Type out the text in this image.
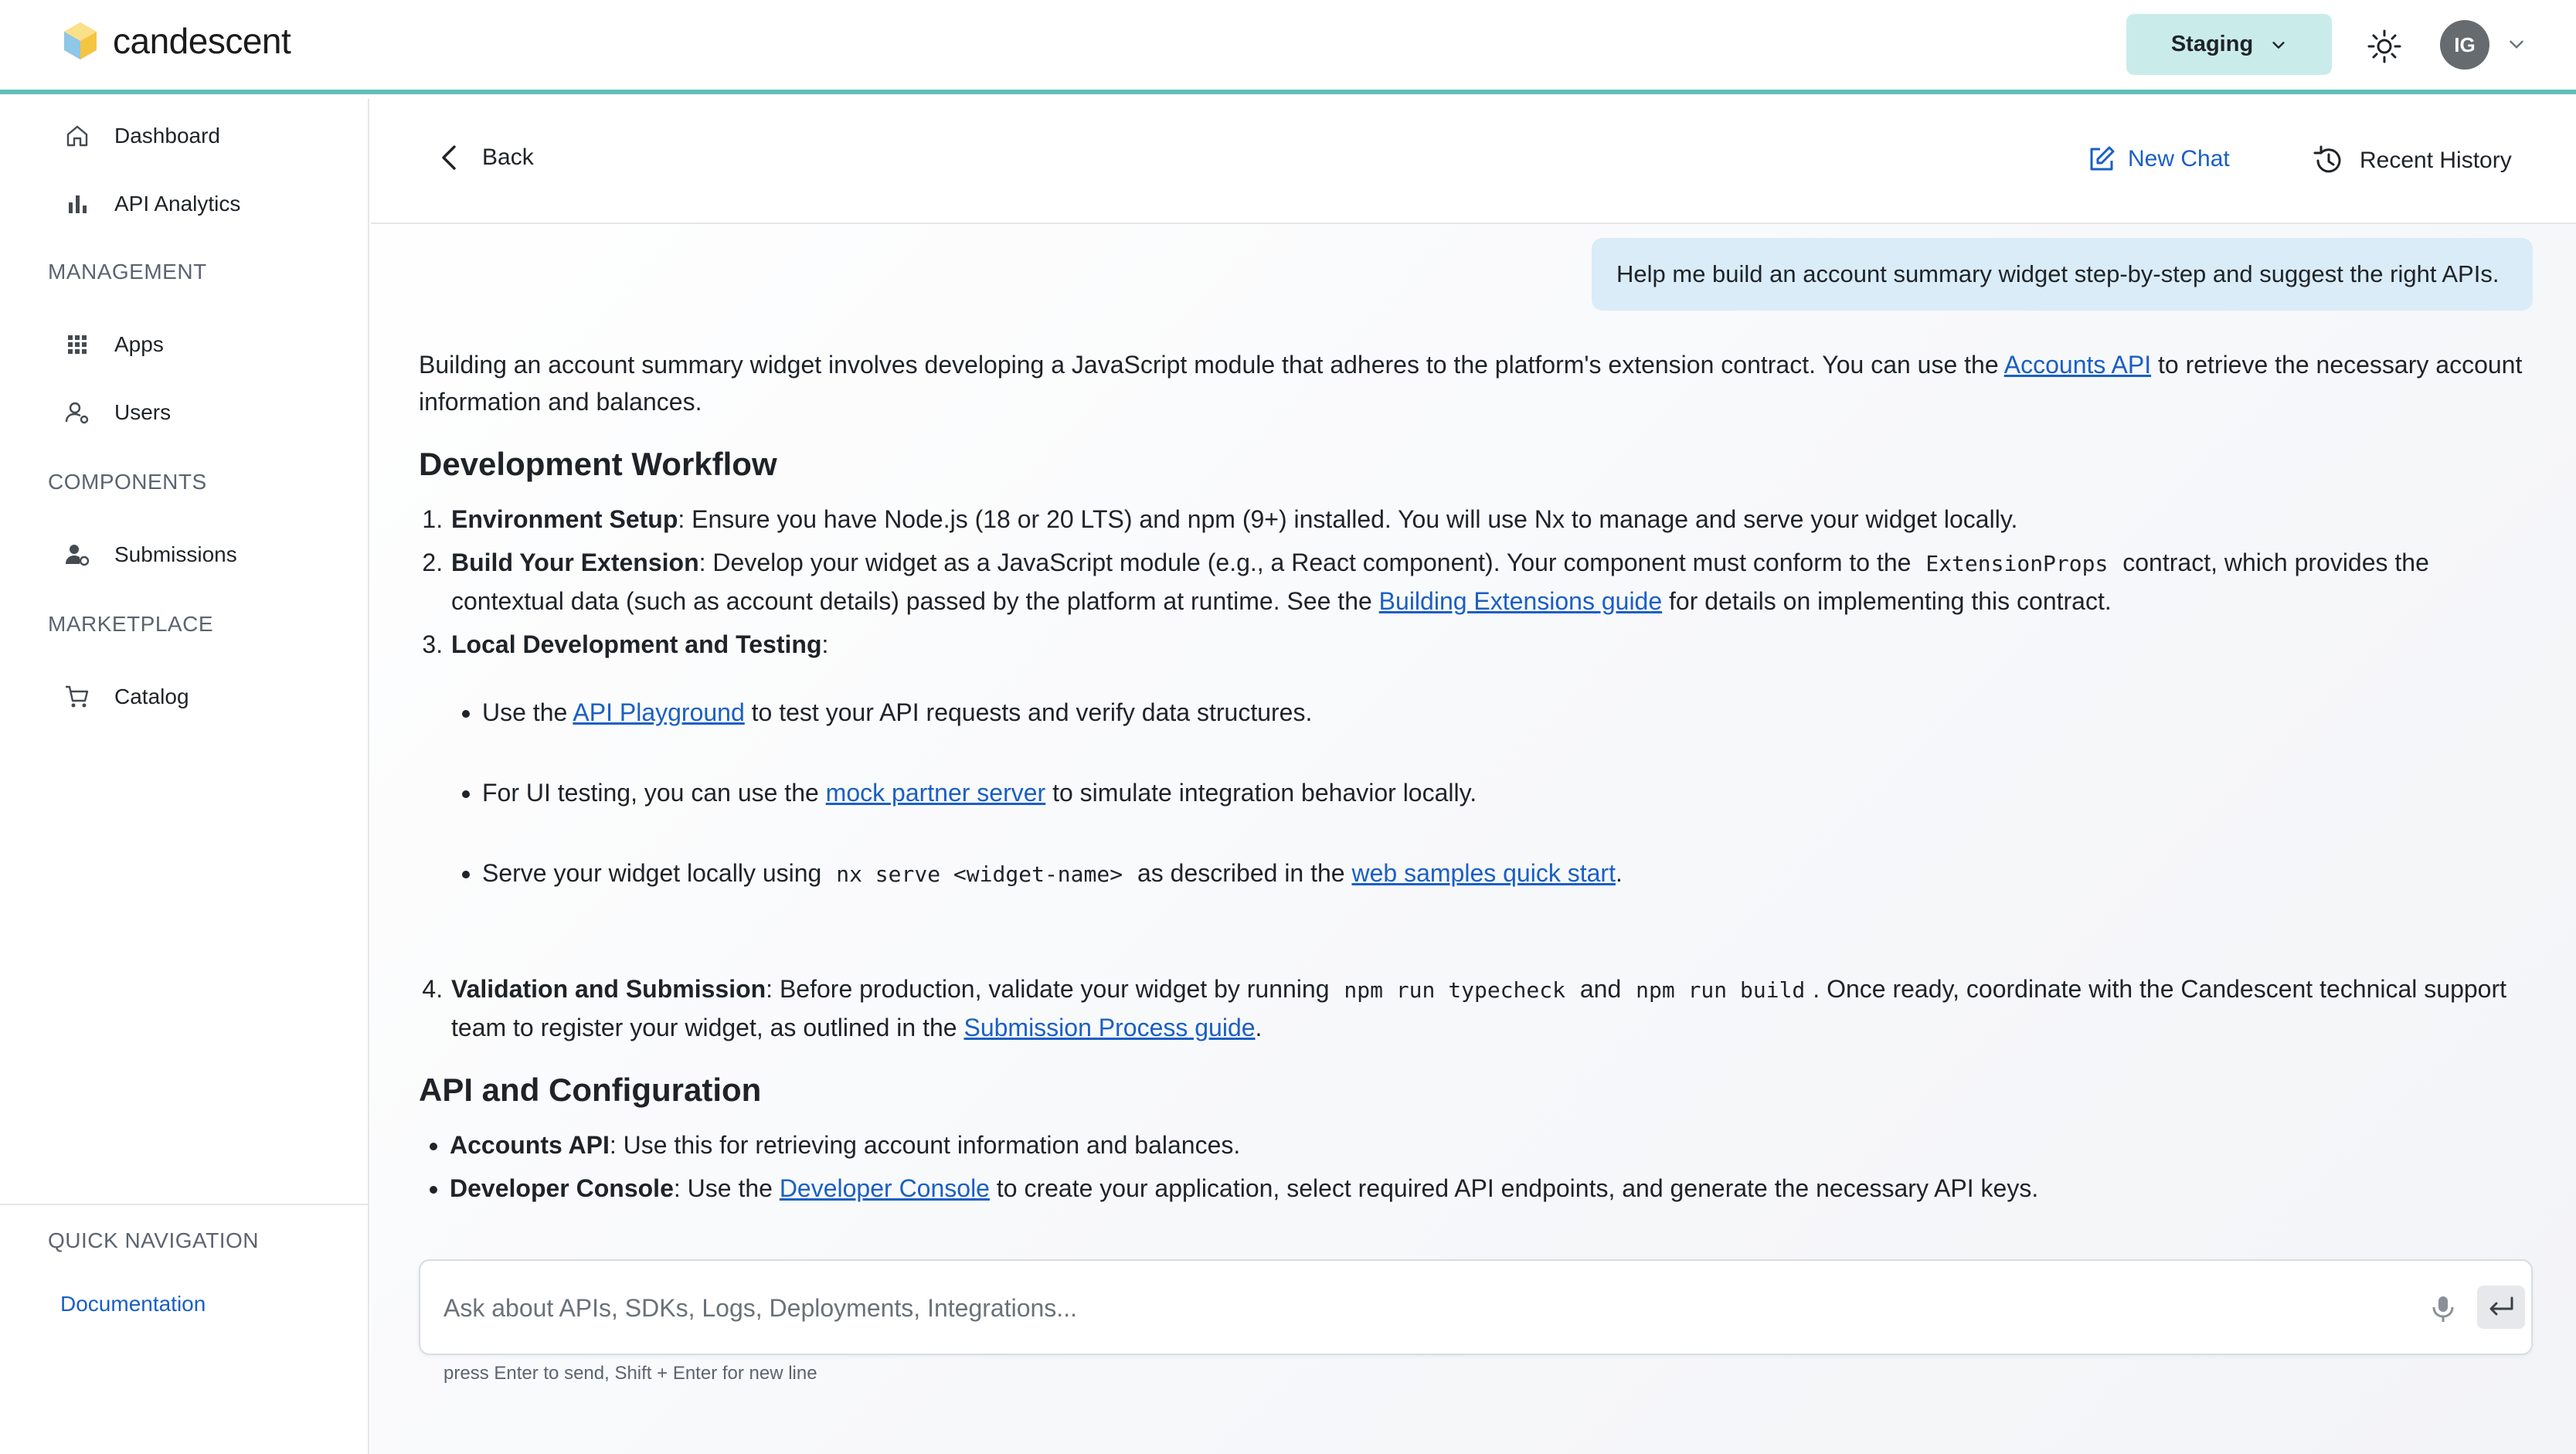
candescent	Staging	IG
Dashboard
API Analytics
MANAGEMENT
Apps
Users
COMPONENTS
Submissions
MARKETPLACE
Catalog
QUICK NAVIGATION
Documentation
Back	New Chat	Recent History
Help me build an account summary widget step-by-step and suggest the right APIs.

Building an account summary widget involves developing a JavaScript module that adheres to the platform's extension contract. You can use the Accounts API to retrieve the necessary account information and balances.

Development Workflow
1. Environment Setup: Ensure you have Node.js (18 or 20 LTS) and npm (9+) installed. You will use Nx to manage and serve your widget locally.
2. Build Your Extension: Develop your widget as a JavaScript module (e.g., a React component). Your component must conform to the ExtensionProps contract, which provides the contextual data (such as account details) passed by the platform at runtime. See the Building Extensions guide for details on implementing this contract.
3. Local Development and Testing:
• Use the API Playground to test your API requests and verify data structures.
• For UI testing, you can use the mock partner server to simulate integration behavior locally.
• Serve your widget locally using nx serve <widget-name> as described in the web samples quick start.
4. Validation and Submission: Before production, validate your widget by running npm run typecheck and npm run build . Once ready, coordinate with the Candescent technical support team to register your widget, as outlined in the Submission Process guide.
API and Configuration
• Accounts API: Use this for retrieving account information and balances.
• Developer Console: Use the Developer Console to create your application, select required API endpoints, and generate the necessary API keys.
Ask about APIs, SDKs, Logs, Deployments, Integrations...
press Enter to send, Shift + Enter for new line
